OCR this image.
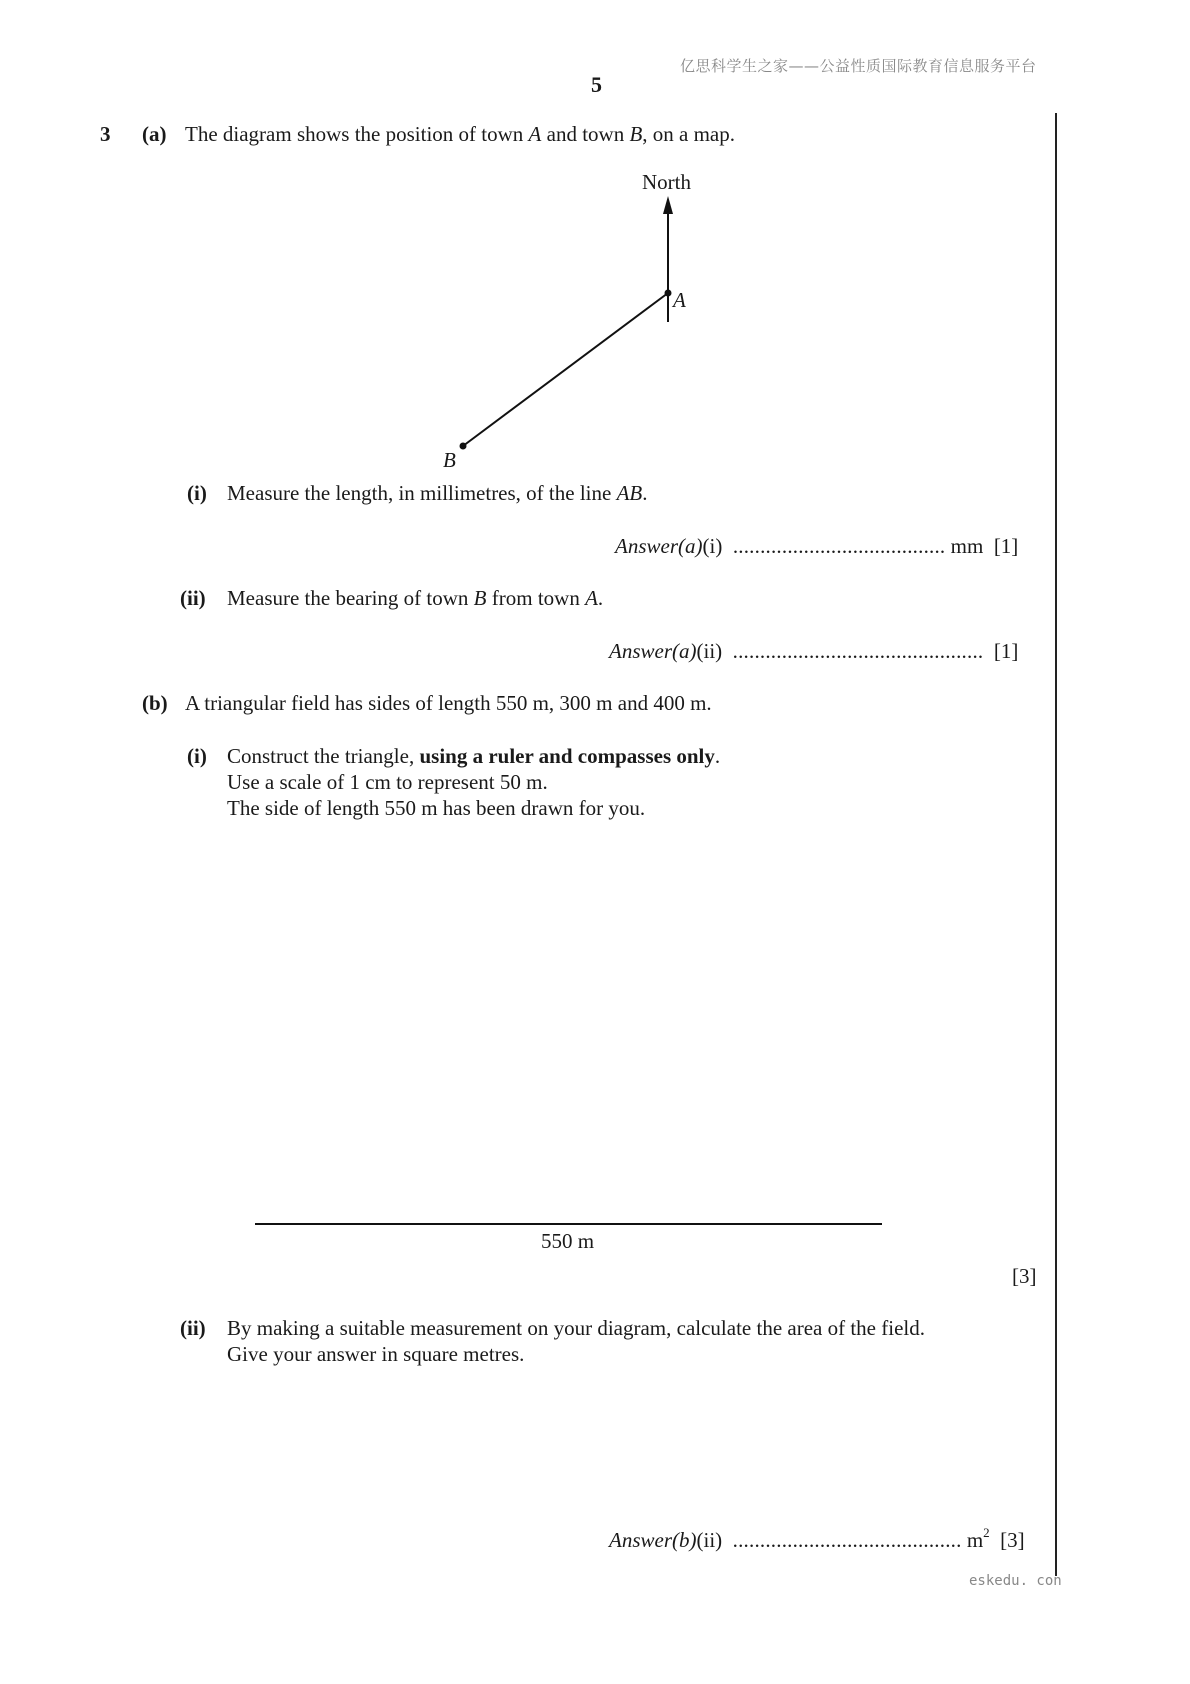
亿思科学生之家——公益性质国际教育信息服务平台
5
3 (a) The diagram shows the position of town A and town B, on a map.
North
A
B
(i) Measure the length, in millimetres, of the line AB.
Answer(a)(i) ....................................... mm [1]
(ii) Measure the bearing of town B from town A.
Answer(a)(ii) .............................................. [1]
(b) A triangular field has sides of length 550 m, 300 m and 400 m.
(i) Construct the triangle, using a ruler and compasses only.
Use a scale of 1 cm to represent 50 m.
The side of length 550 m has been drawn for you.
550 m
[3]
(ii) By making a suitable measurement on your diagram, calculate the area of the field.
Give your answer in square metres.
Answer(b)(ii) .......................................... $m^2$ [3]
eskedu. con
